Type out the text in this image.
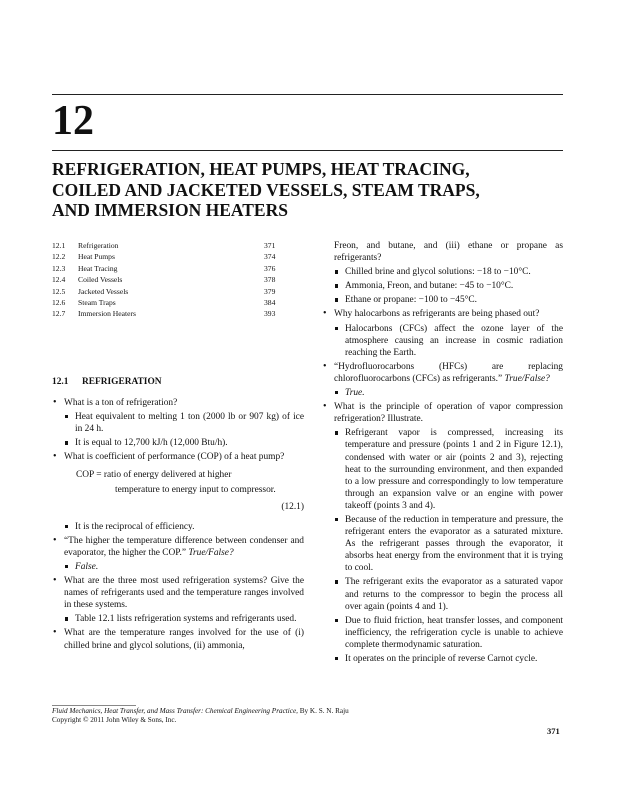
12
REFRIGERATION, HEAT PUMPS, HEAT TRACING,
COILED AND JACKETED VESSELS, STEAM TRAPS,
AND IMMERSION HEATERS
12.1	Refrigeration	371
12.2	Heat Pumps	374
12.3	Heat Tracing	376
12.4	Coiled Vessels	378
12.5	Jacketed Vessels	379
12.6	Steam Traps	384
12.7	Immersion Heaters	393
12.1 REFRIGERATION
• What is a ton of refrigeration?
Heat equivalent to melting 1 ton (2000 lb or 907 kg) of ice in 24 h.
It is equal to 12,700 kJ/h (12,000 Btu/h).
• What is coefficient of performance (COP) of a heat pump?
COP = ratio of energy delivered at higher
temperature to energy input to compressor.
(12.1)
It is the reciprocal of efficiency.
• “The higher the temperature difference between condenser and evaporator, the higher the COP.” True/False?
False.
• What are the three most used refrigeration systems? Give the names of refrigerants used and the temperature ranges involved in these systems.
Table 12.1 lists refrigeration systems and refrigerants used.
• What are the temperature ranges involved for the use of (i) chilled brine and glycol solutions, (ii) ammonia,
Freon, and butane, and (iii) ethane or propane as refrigerants?
Chilled brine and glycol solutions: −18 to −10°C.
Ammonia, Freon, and butane: −45 to −10°C.
Ethane or propane: −100 to −45°C.
• Why halocarbons as refrigerants are being phased out?
Halocarbons (CFCs) affect the ozone layer of the atmosphere causing an increase in cosmic radiation reaching the Earth.
• “Hydrofluorocarbons (HFCs) are replacing chlorofluorocarbons (CFCs) as refrigerants.” True/False?
True.
• What is the principle of operation of vapor compression refrigeration? Illustrate.
Refrigerant vapor is compressed, increasing its temperature and pressure (points 1 and 2 in Figure 12.1), condensed with water or air (points 2 and 3), rejecting heat to the surrounding environment, and then expanded to a low pressure and correspondingly to low temperature through an expansion valve or an engine with power takeoff (points 3 and 4).
Because of the reduction in temperature and pressure, the refrigerant enters the evaporator as a saturated mixture. As the refrigerant passes through the evaporator, it absorbs heat energy from the environment that it is trying to cool.
The refrigerant exits the evaporator as a saturated vapor and returns to the compressor to begin the process all over again (points 4 and 1).
Due to fluid friction, heat transfer losses, and component inefficiency, the refrigeration cycle is unable to achieve complete thermodynamic saturation.
It operates on the principle of reverse Carnot cycle.
Fluid Mechanics, Heat Transfer, and Mass Transfer: Chemical Engineering Practice, By K. S. N. Raju
Copyright © 2011 John Wiley & Sons, Inc.
371
